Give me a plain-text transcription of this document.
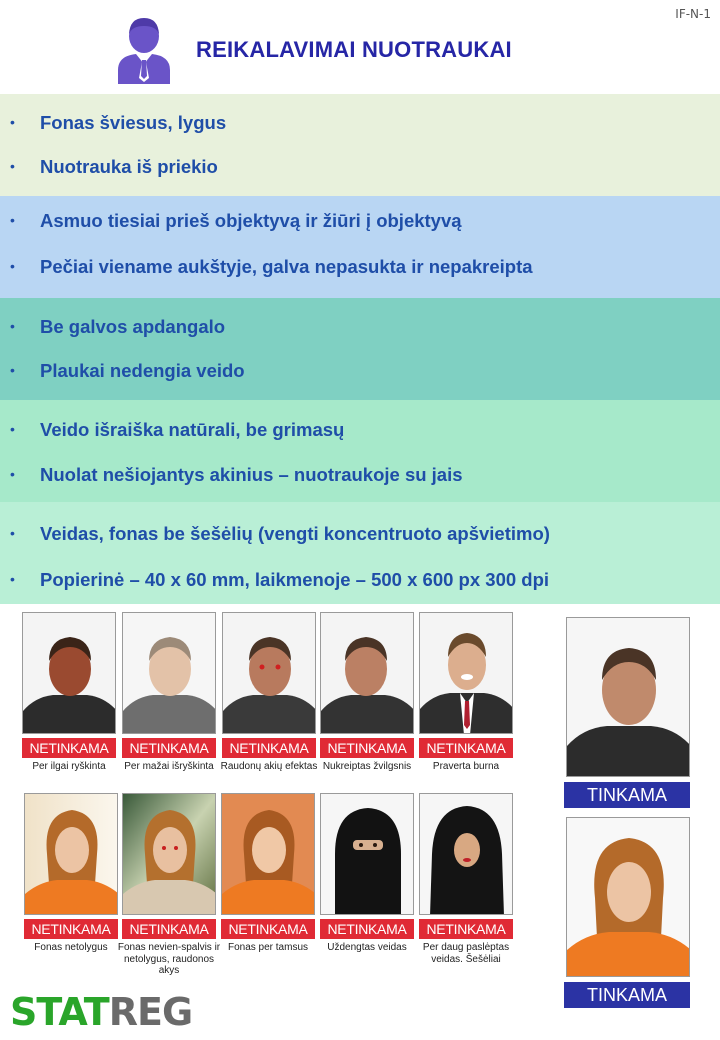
IF-N-1
REIKALAVIMAI NUOTRAUKAI
• Fonas šviesus, lygus
• Nuotrauka iš priekio
• Asmuo tiesiai prieš objektyvą ir žiūri į objektyvą
• Pečiai viename aukštyje, galva nepasukta ir nepakreipta
• Be galvos apdangalo
• Plaukai nedengia veido
• Veido išraiška natūrali, be grimasų
• Nuolat nešiojantys akinius – nuotraukoje su jais
• Veidas, fonas be šešėlių (vengti koncentruoto apšvietimo)
• Popierinė – 40 x 60 mm, laikmenoje – 500 x 600 px 300 dpi
NETINKAMA
Per ilgai ryškinta
NETINKAMA
Per mažai išryškinta
NETINKAMA
Raudonų akių efektas
NETINKAMA
Nukreiptas žvilgsnis
NETINKAMA
Praverta burna
NETINKAMA
Fonas netolygus
NETINKAMA
Fonas nevien-spalvis ir netolygus, raudonos akys
NETINKAMA
Fonas per tamsus
NETINKAMA
Uždengtas veidas
NETINKAMA
Per daug paslėptas veidas. Šešėliai
TINKAMA
TINKAMA
STATREG
